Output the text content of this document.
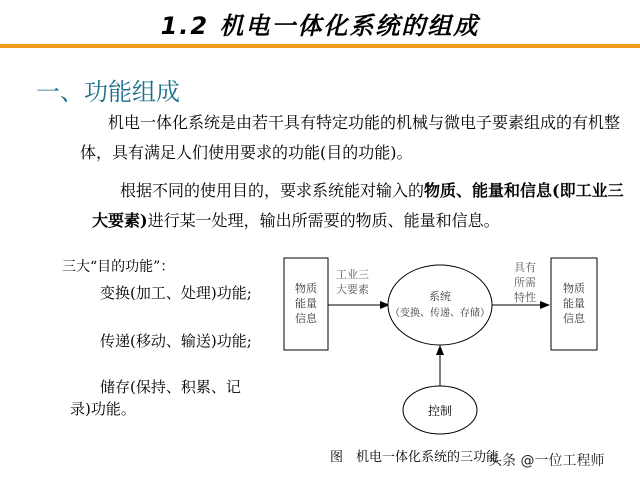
1.2 机电一体化系统的组成
一、功能组成

机电一体化系统是由若干具有特定功能的机械与微电子要素组成的有机整体，具有满足人们使用要求的功能(目的功能)。

根据不同的使用目的，要求系统能对输入的物质、能量和信息(即工业三大要素)进行某一处理，输出所需要的物质、能量和信息。

三大“目的功能”：
变换(加工、处理)功能;
传递(移动、输送)功能;
储存(保持、积累、记录)功能。
物质
能量
信息
工业三
大要素
系统
（变换、传递、存储）
具有
所需
特性
物质
能量
信息
控制
图　机电一体化系统的三功能
头条 @一位工程师
